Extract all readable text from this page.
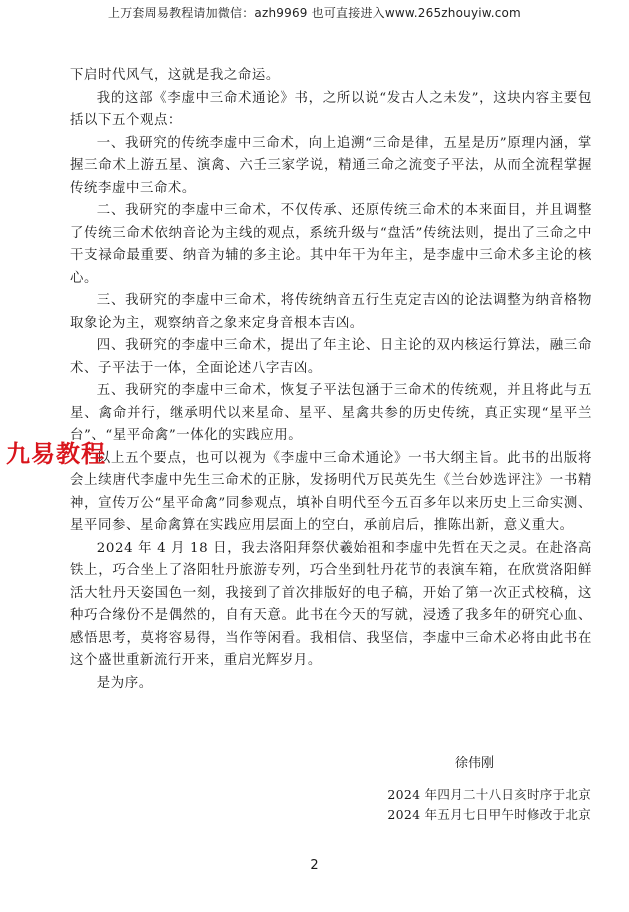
上万套周易教程请加微信：azh9969 也可直接进入www.265zhouyiw.com

下启时代风气，这就是我之命运。

我的这部《李虚中三命术通论》书，之所以说“发古人之未发”，这块内容主要包括以下五个观点：

一、我研究的传统李虚中三命术，向上追溯“三命是律，五星是历”原理内涵，掌握三命术上游五星、演禽、六壬三家学说，精通三命之流变子平法，从而全流程掌握传统李虚中三命术。

二、我研究的李虚中三命术，不仅传承、还原传统三命术的本来面目，并且调整了传统三命术依纳音论为主线的观点，系统升级与“盘活”传统法则，提出了三命之中干支禄命最重要、纳音为辅的多主论。其中年干为年主，是李虚中三命术多主论的核心。

三、我研究的李虚中三命术，将传统纳音五行生克定吉凶的论法调整为纳音格物取象论为主，观察纳音之象来定身音根本吉凶。

四、我研究的李虚中三命术，提出了年主论、日主论的双内核运行算法，融三命术、子平法于一体，全面论述八字吉凶。

五、我研究的李虚中三命术，恢复子平法包涵于三命术的传统观，并且将此与五星、禽命并行，继承明代以来星命、星平、星禽共参的历史传统，真正实现“星平兰台”、“星平命禽”一体化的实践应用。

以上五个要点，也可以视为《李虚中三命术通论》一书大纲主旨。此书的出版将会上续唐代李虚中先生三命术的正脉，发扬明代万民英先生《兰台妙选评注》一书精神，宣传万公“星平命禽”同参观点，填补自明代至今五百多年以来历史上三命实测、星平同参、星命禽算在实践应用层面上的空白，承前启后，推陈出新，意义重大。

2024 年 4 月 18 日，我去洛阳拜祭伏羲始祖和李虚中先哲在天之灵。在赴洛高铁上，巧合坐上了洛阳牡丹旅游专列，巧合坐到牡丹花节的表演车箱，在欣赏洛阳鲜活大牡丹天姿国色一刻，我接到了首次排版好的电子稿，开始了第一次正式校稿，这种巧合缘份不是偶然的，自有天意。此书在今天的写就，浸透了我多年的研究心血、感悟思考，莫将容易得，当作等闲看。我相信、我坚信，李虚中三命术必将由此书在这个盛世重新流行开来，重启光辉岁月。

是为序。

九易教程
徐伟刚
2024 年四月二十八日亥时序于北京
2024 年五月七日甲午时修改于北京
2
